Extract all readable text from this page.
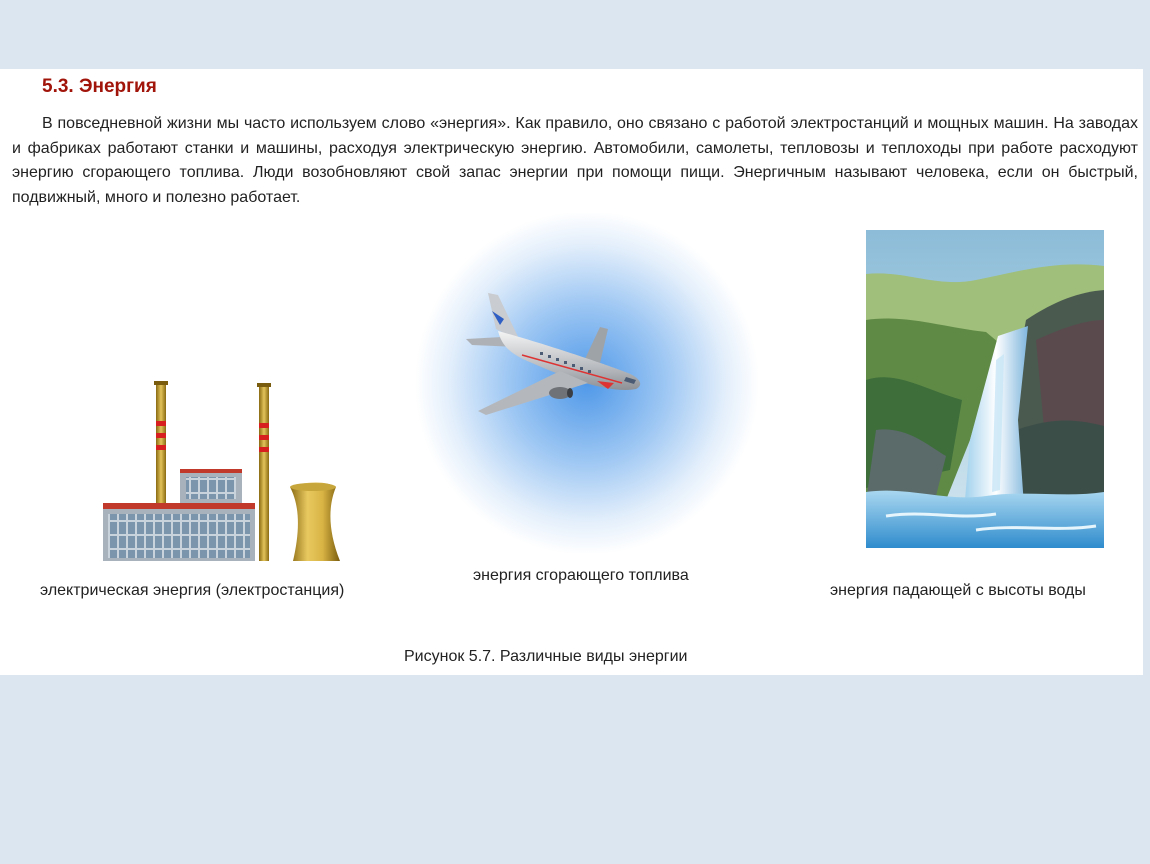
5.3. Энергия

В повседневной жизни мы часто используем слово «энергия». Как правило, оно связано с работой электростанций и мощных машин. На заводах и фабриках работают станки и машины, расходуя электрическую энергию. Автомобили, самолеты, тепловозы и теплоходы при работе расходуют энергию сгорающего топлива. Люди возобновляют свой запас энергии при помощи пищи. Энергичным называют человека, если он быстрый, подвижный, много и полезно работает.

электрическая энергия (электростанция)
энергия сгорающего топлива
энергия падающей с высоты воды
Рисунок 5.7. Различные виды энергии
